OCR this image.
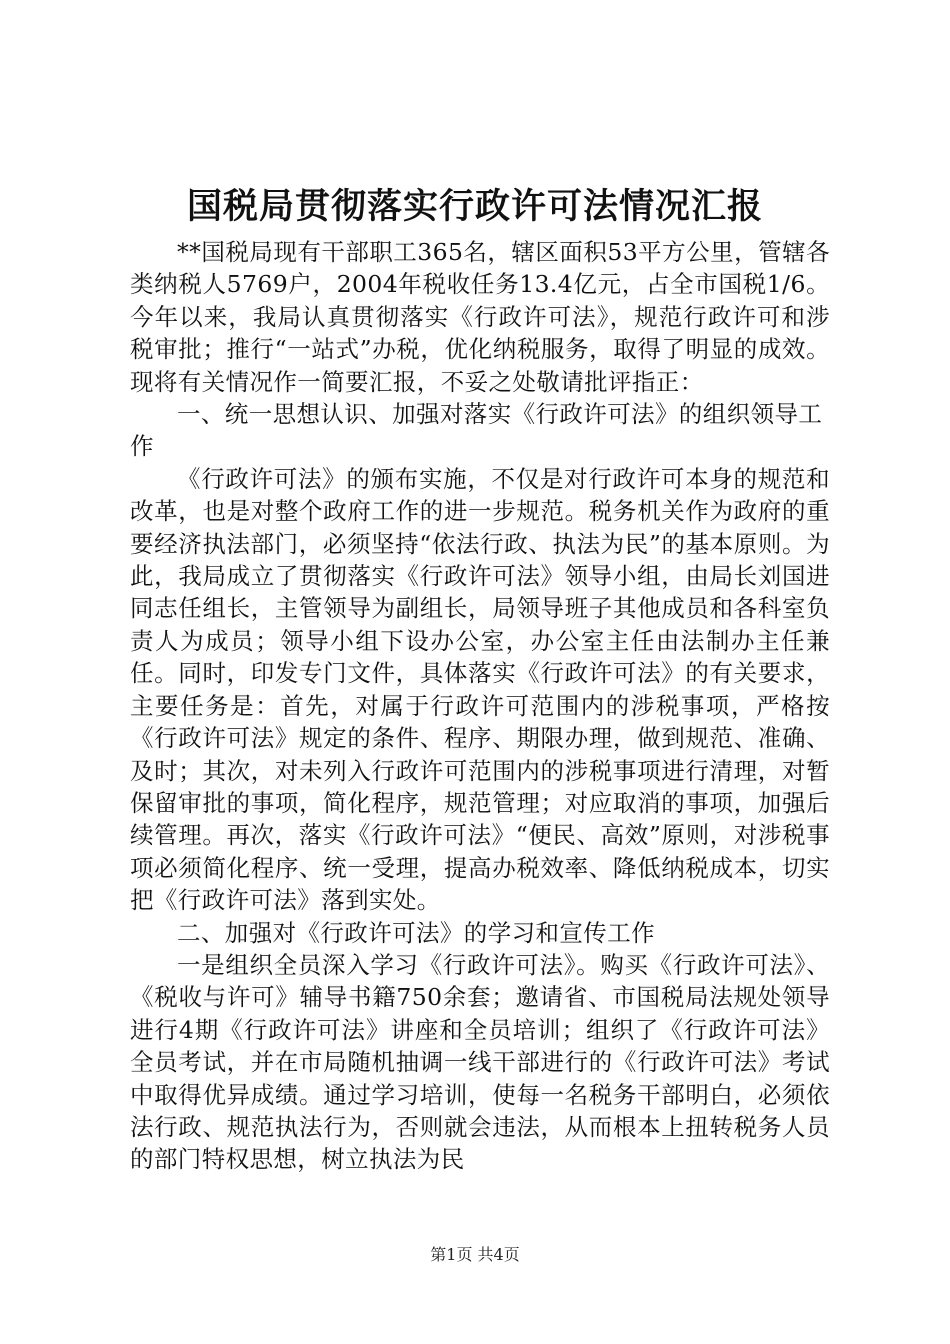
国税局贯彻落实行政许可法情况汇报

**国税局现有干部职工365名，辖区面积53平方公里，管辖各类纳税人5769户，2004年税收任务13.4亿元，占全市国税1/6。今年以来，我局认真贯彻落实《行政许可法》，规范行政许可和涉税审批；推行“一站式”办税，优化纳税服务，取得了明显的成效。现将有关情况作一简要汇报，不妥之处敬请批评指正：

一、统一思想认识、加强对落实《行政许可法》的组织领导工作

《行政许可法》的颁布实施，不仅是对行政许可本身的规范和改革，也是对整个政府工作的进一步规范。税务机关作为政府的重要经济执法部门，必须坚持“依法行政、执法为民”的基本原则。为此，我局成立了贯彻落实《行政许可法》领导小组，由局长刘国进同志任组长，主管领导为副组长，局领导班子其他成员和各科室负责人为成员；领导小组下设办公室，办公室主任由法制办主任兼任。同时，印发专门文件，具体落实《行政许可法》的有关要求，主要任务是：首先，对属于行政许可范围内的涉税事项，严格按《行政许可法》规定的条件、程序、期限办理，做到规范、准确、及时；其次，对未列入行政许可范围内的涉税事项进行清理，对暂保留审批的事项，简化程序，规范管理；对应取消的事项，加强后续管理。再次，落实《行政许可法》“便民、高效”原则，对涉税事项必须简化程序、统一受理，提高办税效率、降低纳税成本，切实把《行政许可法》落到实处。

二、加强对《行政许可法》的学习和宣传工作

一是组织全员深入学习《行政许可法》。购买《行政许可法》、《税收与许可》辅导书籍750余套；邀请省、市国税局法规处领导进行4期《行政许可法》讲座和全员培训；组织了《行政许可法》全员考试，并在市局随机抽调一线干部进行的《行政许可法》考试中取得优异成绩。通过学习培训，使每一名税务干部明白，必须依法行政、规范执法行为，否则就会违法，从而根本上扭转税务人员的部门特权思想，树立执法为民

第1页 共4页
